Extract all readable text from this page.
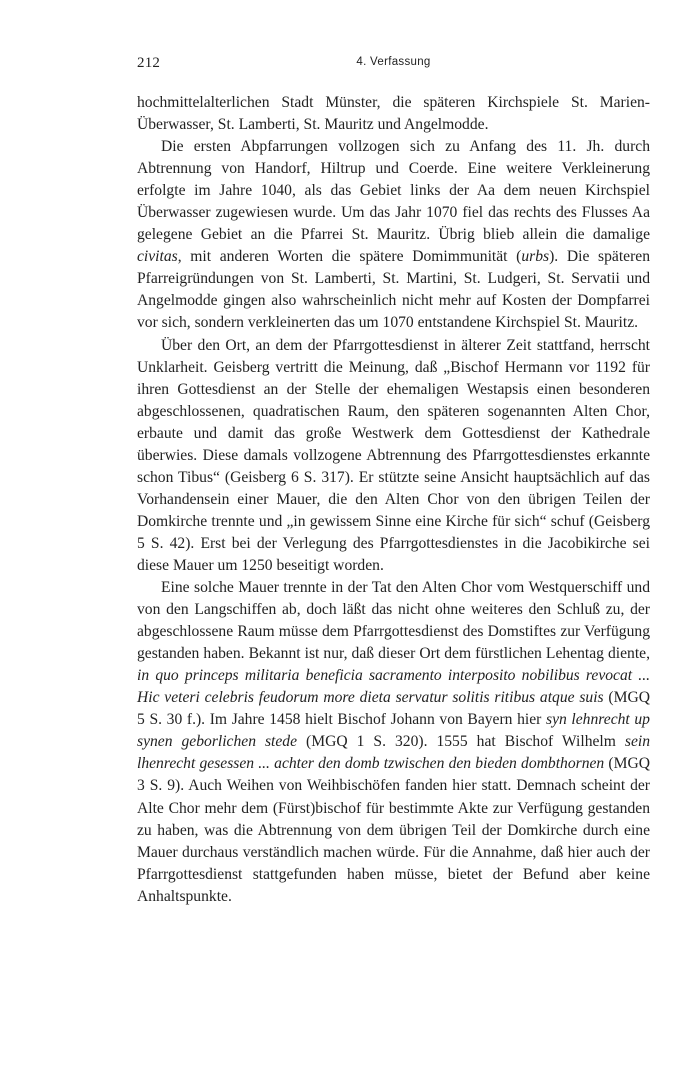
212	4. Verfassung

hochmittelalterlichen Stadt Münster, die späteren Kirchspiele St. Marien-Überwasser, St. Lamberti, St. Mauritz und Angelmodde.

Die ersten Abpfarrungen vollzogen sich zu Anfang des 11. Jh. durch Abtrennung von Handorf, Hiltrup und Coerde. Eine weitere Verkleinerung erfolgte im Jahre 1040, als das Gebiet links der Aa dem neuen Kirchspiel Überwasser zugewiesen wurde. Um das Jahr 1070 fiel das rechts des Flusses Aa gelegene Gebiet an die Pfarrei St. Mauritz. Übrig blieb allein die damalige civitas, mit anderen Worten die spätere Domimmunität (urbs). Die späteren Pfarreigründungen von St. Lamberti, St. Martini, St. Ludgeri, St. Servatii und Angelmodde gingen also wahrscheinlich nicht mehr auf Kosten der Dompfarrei vor sich, sondern verkleinerten das um 1070 entstandene Kirchspiel St. Mauritz.

Über den Ort, an dem der Pfarrgottesdienst in älterer Zeit stattfand, herrscht Unklarheit. Geisberg vertritt die Meinung, daß „Bischof Hermann vor 1192 für ihren Gottesdienst an der Stelle der ehemaligen Westapsis einen besonderen abgeschlossenen, quadratischen Raum, den späteren sogenannten Alten Chor, erbaute und damit das große Westwerk dem Gottesdienst der Kathedrale überwies. Diese damals vollzogene Abtrennung des Pfarrgottesdienstes erkannte schon Tibus“ (Geisberg 6 S. 317). Er stützte seine Ansicht hauptsächlich auf das Vorhandensein einer Mauer, die den Alten Chor von den übrigen Teilen der Domkirche trennte und „in gewissem Sinne eine Kirche für sich“ schuf (Geisberg 5 S. 42). Erst bei der Verlegung des Pfarrgottesdienstes in die Jacobikirche sei diese Mauer um 1250 beseitigt worden.

Eine solche Mauer trennte in der Tat den Alten Chor vom Westquerschiff und von den Langschiffen ab, doch läßt das nicht ohne weiteres den Schluß zu, der abgeschlossene Raum müsse dem Pfarrgottesdienst des Domstiftes zur Verfügung gestanden haben. Bekannt ist nur, daß dieser Ort dem fürstlichen Lehentag diente, in quo princeps militaria beneficia sacramento interposito nobilibus revocat ... Hic veteri celebris feudorum more dieta servatur solitis ritibus atque suis (MGQ 5 S. 30 f.). Im Jahre 1458 hielt Bischof Johann von Bayern hier syn lehnrecht up synen geborlichen stede (MGQ 1 S. 320). 1555 hat Bischof Wilhelm sein lhenrecht gesessen ... achter den domb tzwischen den bieden dombthornen (MGQ 3 S. 9). Auch Weihen von Weihbischöfen fanden hier statt. Demnach scheint der Alte Chor mehr dem (Fürst)bischof für bestimmte Akte zur Verfügung gestanden zu haben, was die Abtrennung von dem übrigen Teil der Domkirche durch eine Mauer durchaus verständlich machen würde. Für die Annahme, daß hier auch der Pfarrgottesdienst stattgefunden haben müsse, bietet der Befund aber keine Anhaltspunkte.
